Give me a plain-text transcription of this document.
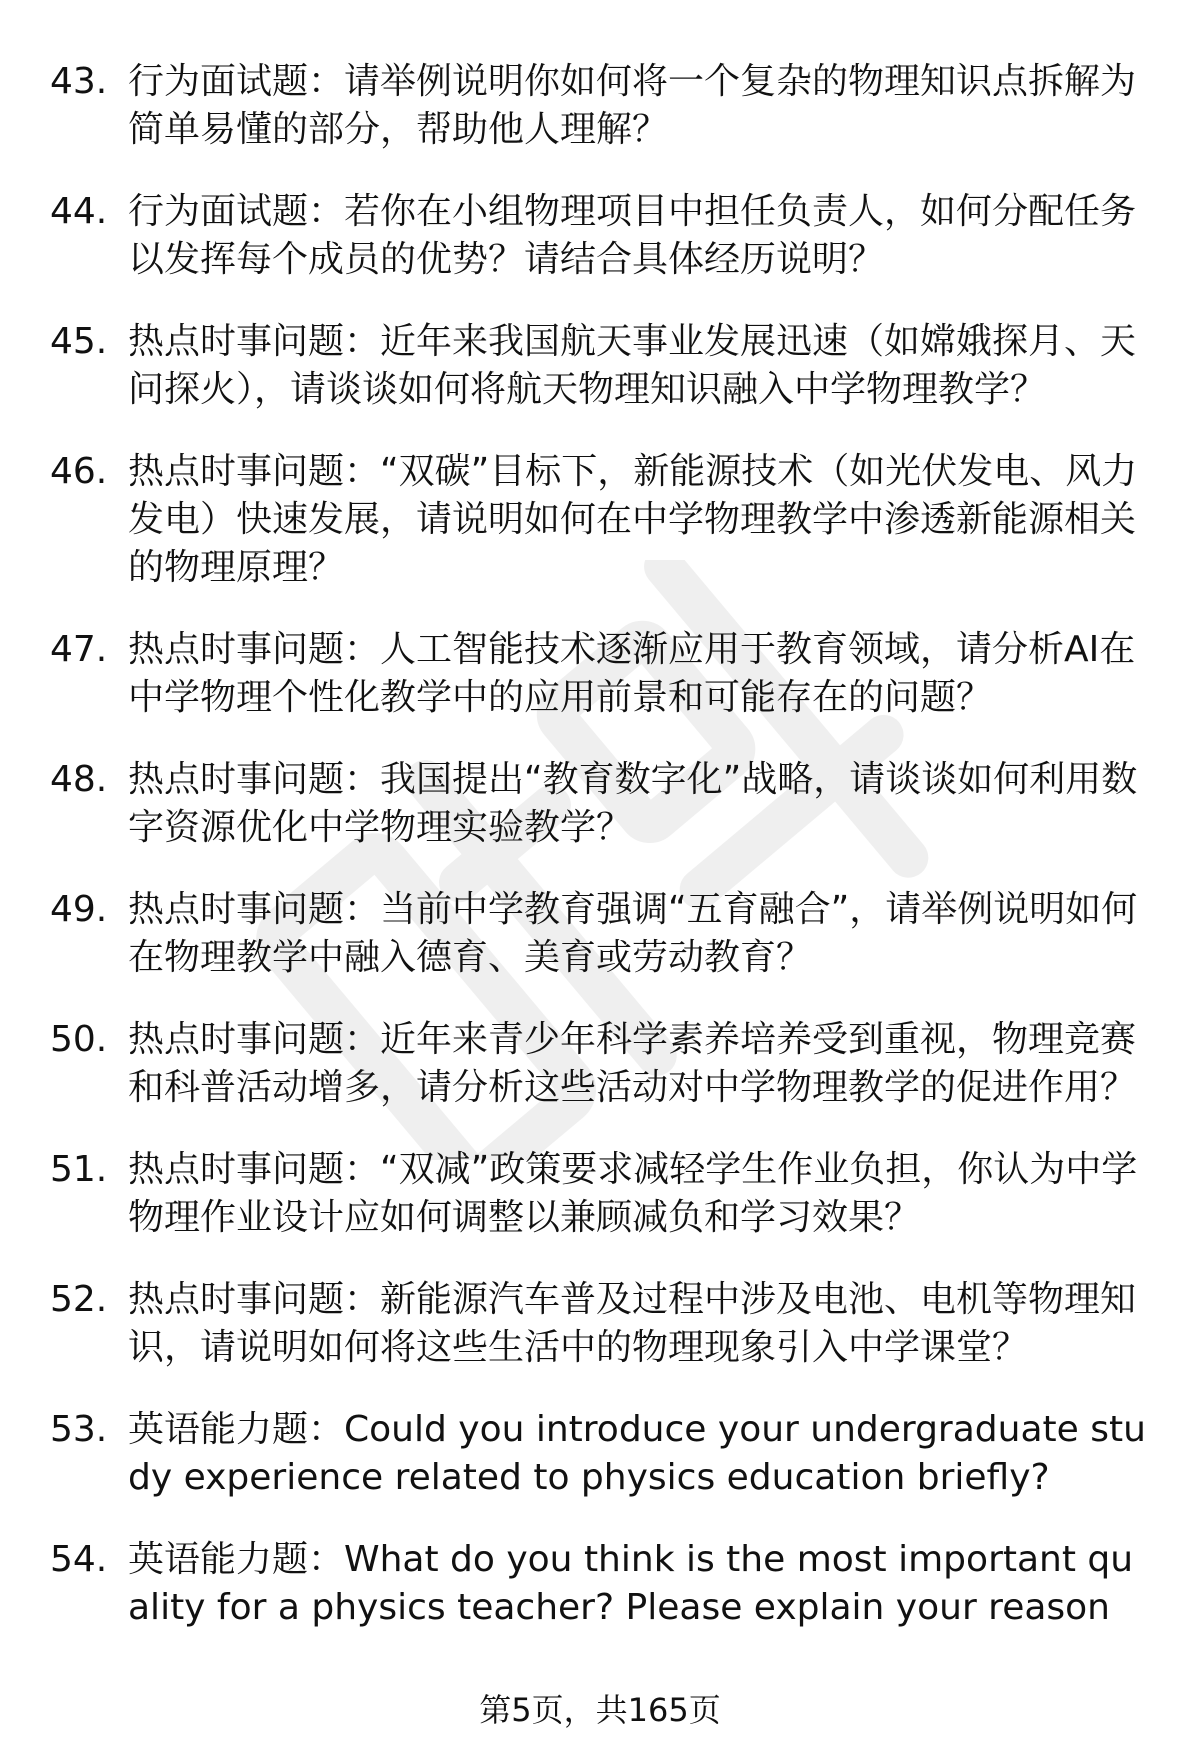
43. 行为面试题：请举例说明你如何将一个复杂的物理知识点拆解为简单易懂的部分，帮助他人理解？
44. 行为面试题：若你在小组物理项目中担任负责人，如何分配任务以发挥每个成员的优势？请结合具体经历说明？
45. 热点时事问题：近年来我国航天事业发展迅速（如嫦娥探月、天问探火），请谈谈如何将航天物理知识融入中学物理教学？
46. 热点时事问题：“双碳”目标下，新能源技术（如光伏发电、风力发电）快速发展，请说明如何在中学物理教学中渗透新能源相关的物理原理？
47. 热点时事问题：人工智能技术逐渐应用于教育领域，请分析AI在中学物理个性化教学中的应用前景和可能存在的问题？
48. 热点时事问题：我国提出“教育数字化”战略，请谈谈如何利用数字资源优化中学物理实验教学？
49. 热点时事问题：当前中学教育强调“五育融合”，请举例说明如何在物理教学中融入德育、美育或劳动教育？
50. 热点时事问题：近年来青少年科学素养培养受到重视，物理竞赛和科普活动增多，请分析这些活动对中学物理教学的促进作用？
51. 热点时事问题：“双减”政策要求减轻学生作业负担，你认为中学物理作业设计应如何调整以兼顾减负和学习效果？
52. 热点时事问题：新能源汽车普及过程中涉及电池、电机等物理知识，请说明如何将这些生活中的物理现象引入中学课堂？
53. 英语能力题：Could you introduce your undergraduate study experience related to physics education briefly?
54. 英语能力题：What do you think is the most important quality for a physics teacher? Please explain your reason
第5页，共165页
